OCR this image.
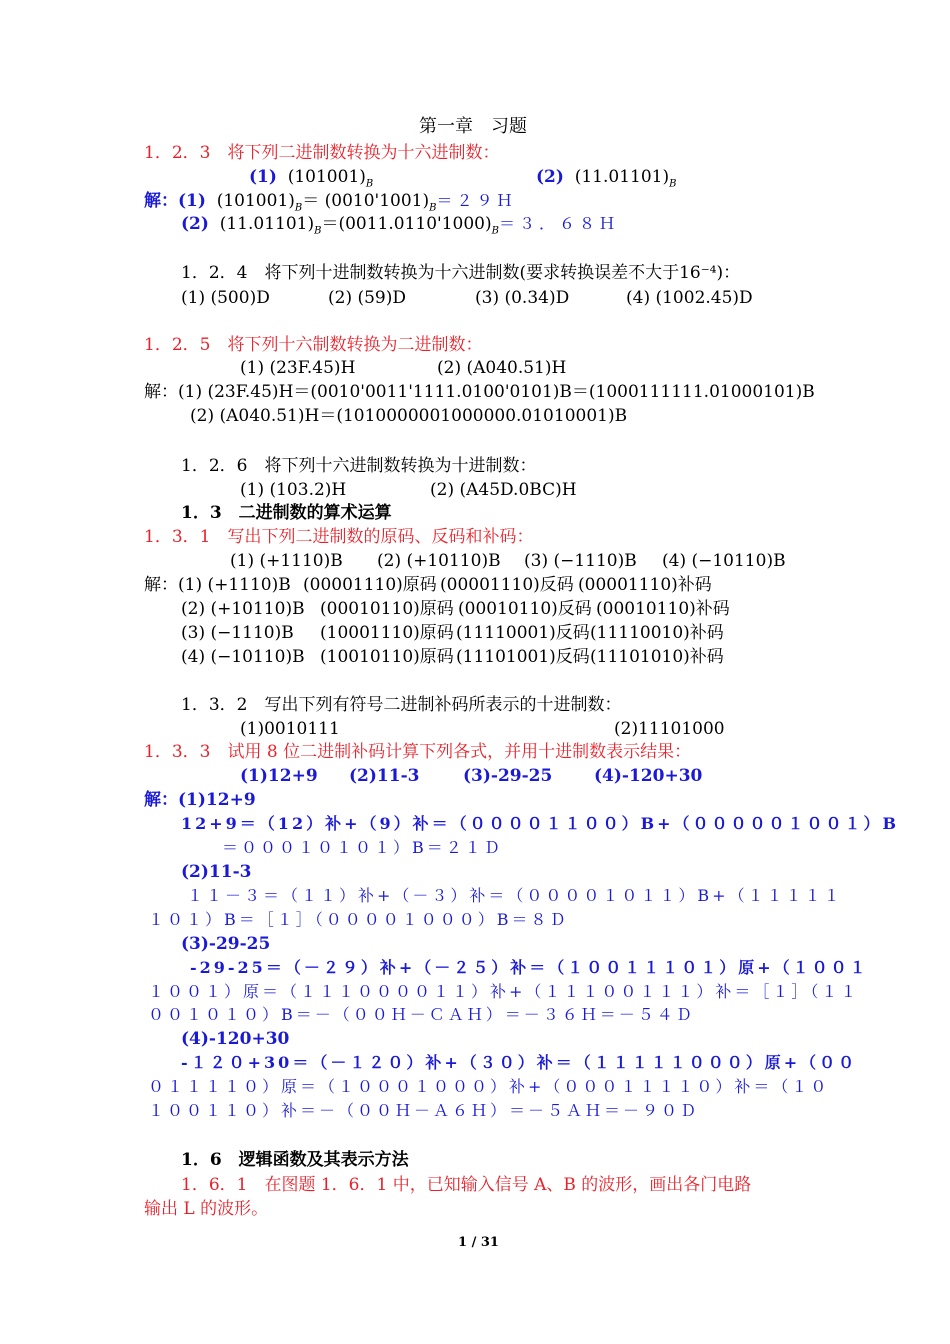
第一章　习题
1．2．3　将下列二进制数转换为十六进制数：
(1)  $(101001)_B$	(2)  $(11.01101)_B$
解：(1)  $(101001)_B=$ $(0010'1001)_B=29H$
(2)  $(11.01101)_B=(0011.0110'1000)_B=3$．６８Ｈ
1．2．4　将下列十进制数转换为十六进制数(要求转换误差不大于16⁻⁴)：
(1) (500)D	(2) (59)D	(3) (0.34)D	(4) (1002.45)D
1．2．5　将下列十六制数转换为二进制数：
(1) (23F.45)H	(2) (A040.51)H
解：(1) (23F.45)H＝(0010'0011'1111.0100'0101)B＝(1000111111.01000101)B
(2) (A040.51)H＝(1010000001000000.01010001)B
1．2．6　将下列十六进制数转换为十进制数：
(1) (103.2)H	(2) (A45D.0BC)H
1．3　二进制数的算术运算
1．3．1　写出下列二进制数的原码、反码和补码：
(1) (+1110)B (2) (+10110)B (3) (−1110)B (4) (−10110)B
解：(1) (+1110)B (00001110)原码 (00001110)反码 (00001110)补码
(2) (+10110)B (00010110)原码 (00010110)反码 (00010110)补码
(3) (−1110)B (10001110)原码 (11110001)反码 (11110010)补码
(4) (−10110)B (10010110)原码 (11101001)反码 (11101010)补码
1．3．2　写出下列有符号二进制补码所表示的十进制数：
(1)0010111	(2)11101000
1．3．3　试用 8 位二进制补码计算下列各式，并用十进制数表示结果：
(1)12+9 (2)11-3	(3)-29-25 (4)-120+30
解：(1)12+9
12+9＝（12）补+（9）补＝（００００１１００）B+（０００００１００１）B
＝０００１０１０１）B＝２１Ｄ
(2)11-3
１１－３＝（１１）补+（－３）补＝（００００１０１１）B+（１１１１１
１０１）B＝［１］（００００１０００）B＝８Ｄ
(3)-29-25
-29-25＝（－２９）补+（－２５）补＝（１００１１１０１）原+（１００１
１００１）原＝（１１１００００１１）补+（１１１００１１１）补＝［１］（１１
００１０１０）B＝－（００Ｈ－ＣＡＨ）＝－３６Ｈ＝－５４Ｄ
(4)-120+30
-１２０+30＝（－１２０）补+（３０）补＝（１１１１１０００）原+（００
０１１１１０）原＝（１０００１０００）补+（０００１１１１０）补＝（１０
１００１１０）补＝－（００Ｈ－Ａ６Ｈ）＝－５ＡＨ＝－９０Ｄ
1．6　逻辑函数及其表示方法
1．6．1　在图题 1．6．1 中，已知输入信号 A、B 的波形，画出各门电路
输出 L 的波形。
1 / 31
